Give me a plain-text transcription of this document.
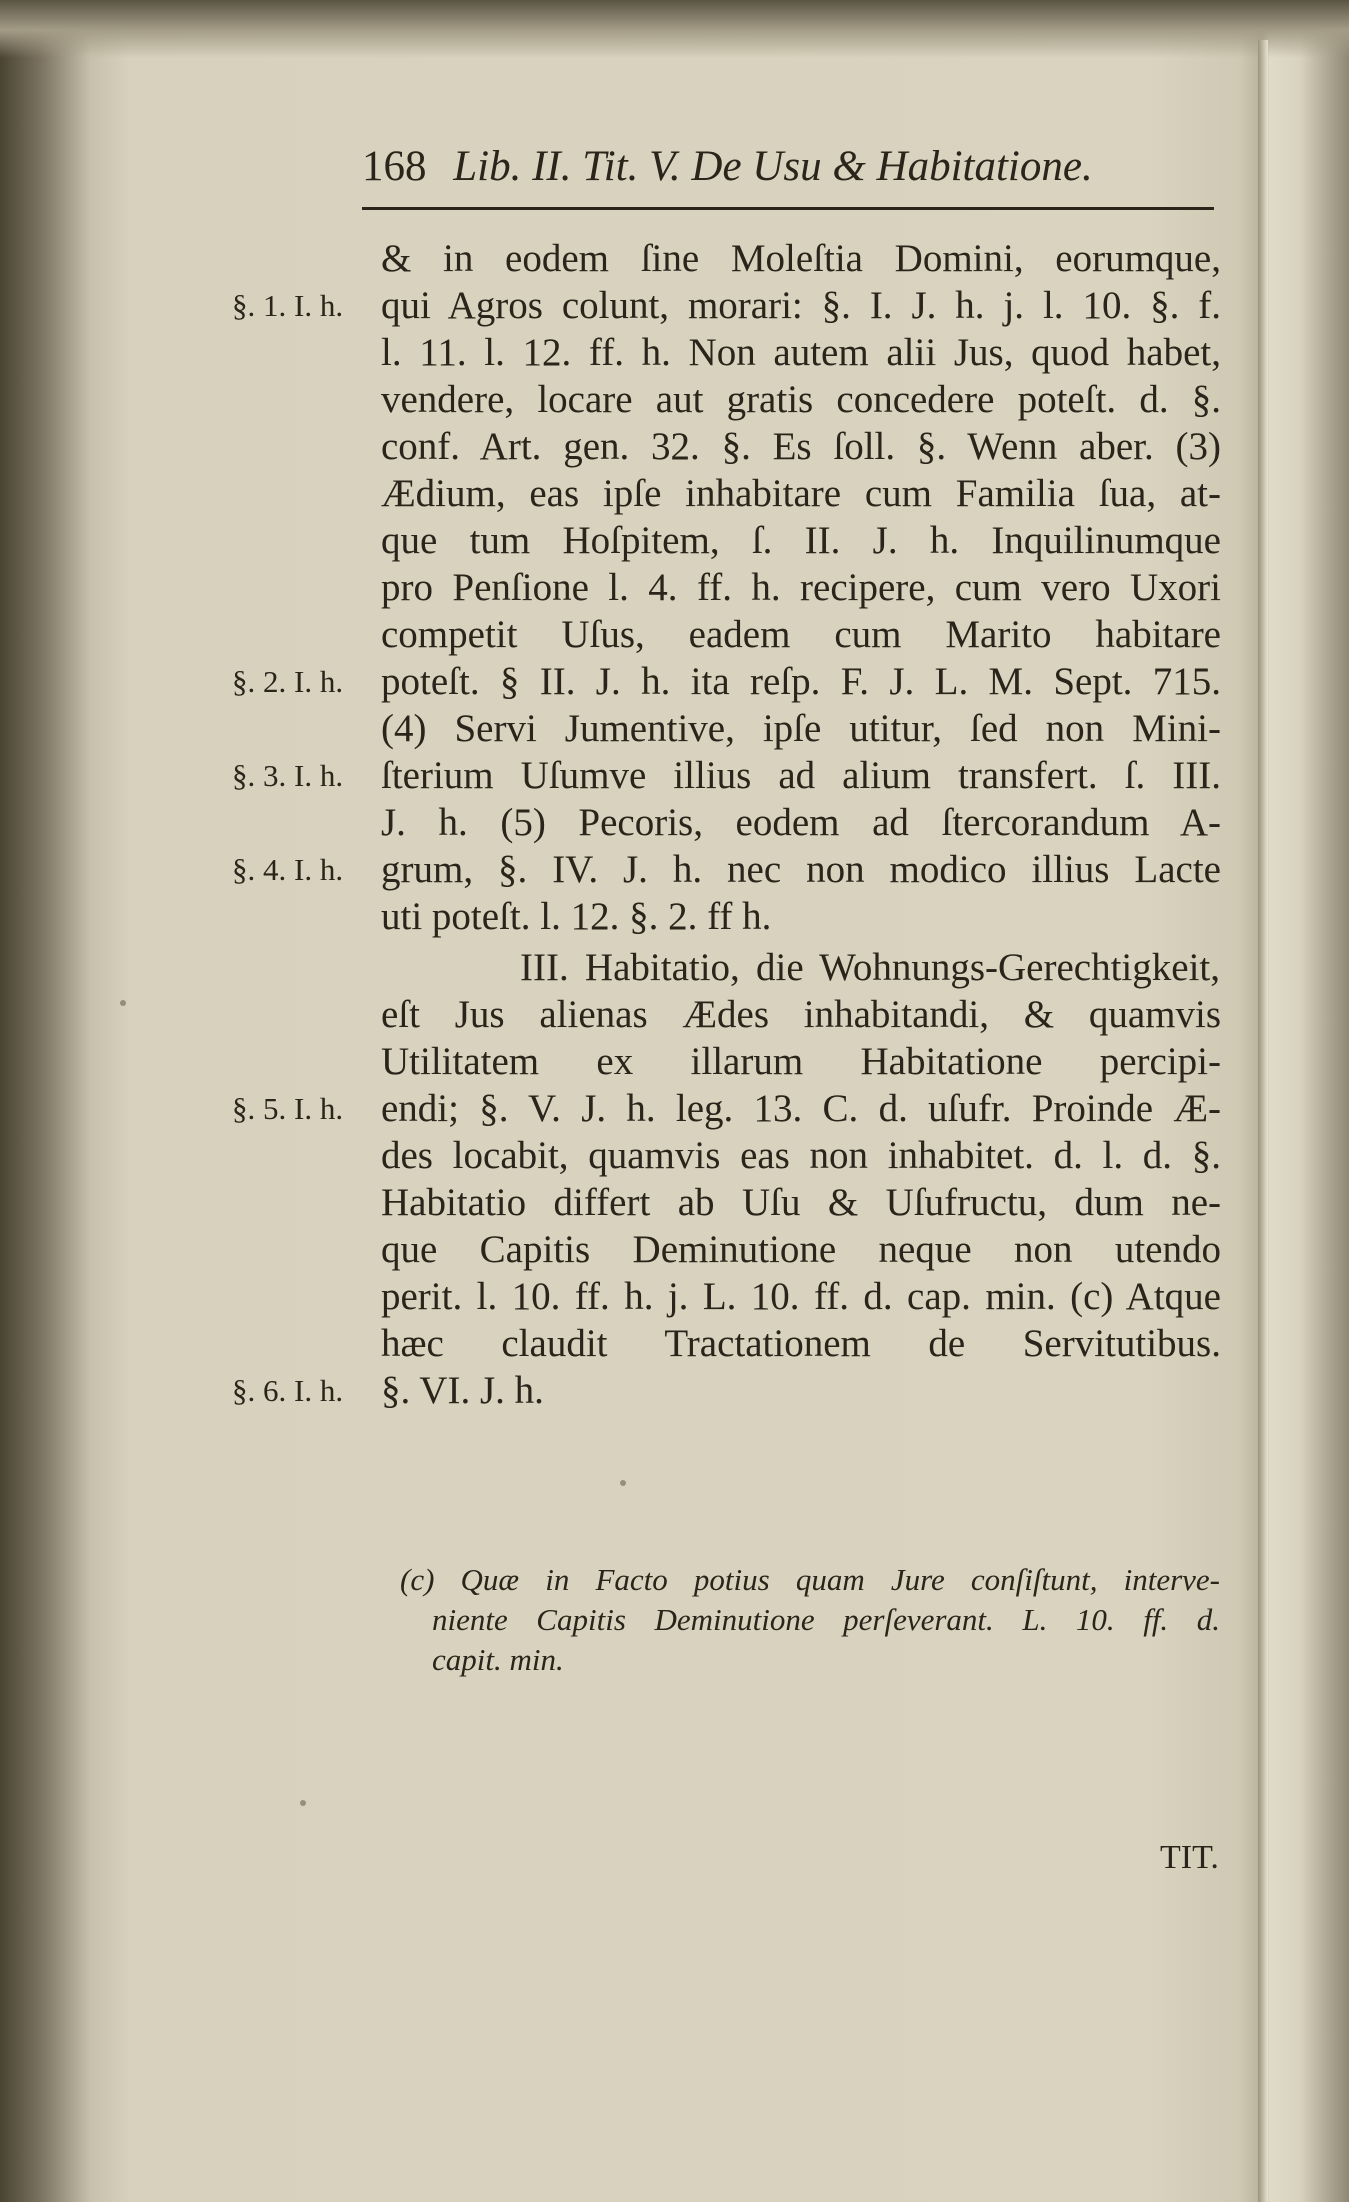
168 Lib. II. Tit. V. De Usu & Habitatione.
& in eodem ſine Moleſtia Domini, eorumque,
qui Agros colunt, morari: §. I. J. h. j. l. 10. §. f.
l. 11. l. 12. ff. h. Non autem alii Jus, quod habet,
vendere, locare aut gratis concedere poteſt. d. §.
conf. Art. gen. 32. §. Es ſoll. §. Wenn aber. (3)
Ædium, eas ipſe inhabitare cum Familia ſua, at-
que tum Hoſpitem, ſ. II. J. h. Inquilinumque
pro Penſione l. 4. ff. h. recipere, cum vero Uxori
competit Uſus, eadem cum Marito habitare
poteſt. § II. J. h. ita reſp. F. J. L. M. Sept. 715.
(4) Servi Jumentive, ipſe utitur, ſed non Mini-
ſterium Uſumve illius ad alium transfert. ſ. III.
J. h. (5) Pecoris, eodem ad ſtercorandum A-
grum, §. IV. J. h. nec non modico illius Lacte
uti poteſt. l. 12. §. 2. ff h.
III. Habitatio, die Wohnungs-Gerechtigkeit,
eſt Jus alienas Ædes inhabitandi, & quamvis
Utilitatem ex illarum Habitatione percipi-
endi; §. V. J. h. leg. 13. C. d. uſufr. Proinde Æ-
des locabit, quamvis eas non inhabitet. d. l. d. §.
Habitatio differt ab Uſu & Uſufructu, dum ne-
que Capitis Deminutione neque non utendo
perit. l. 10. ff. h. j. L. 10. ff. d. cap. min. (c) Atque
hæc claudit Tractationem de Servitutibus.
§. VI. J. h.
§. 1. I. h.
§. 2. I. h.
§. 3. I. h.
§. 4. I. h.
§. 5. I. h.
§. 6. I. h.
(c) Quæ in Facto potius quam Jure conſiſtunt, interve-
niente Capitis Deminutione perſeverant. L. 10. ff. d.
capit. min.
TIT.
